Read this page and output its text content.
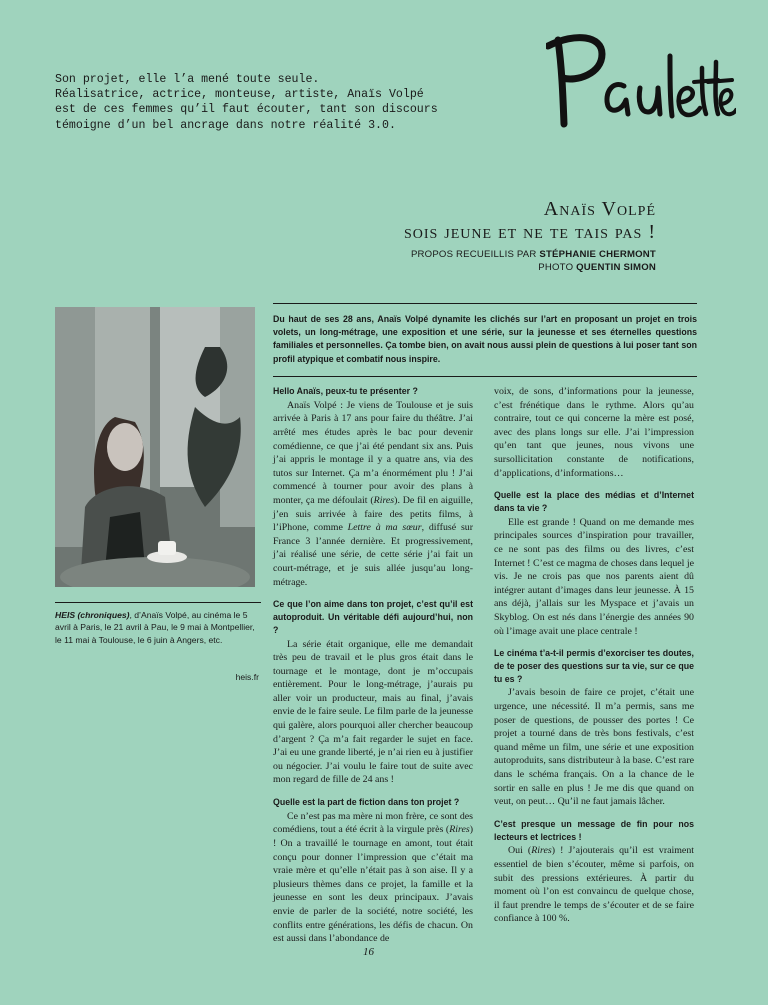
Son projet, elle l’a mené toute seule.

Réalisatrice, actrice, monteuse, artiste, Anaïs Volpé

est de ces femmes qu’il faut écouter, tant son discours

témoigne d’un bel ancrage dans notre réalité 3.0.

Anaïs Volpé
sois jeune et ne te tais pas !
PROPOS RECUEILLIS PAR STÉPHANIE CHERMONT
PHOTO QUENTIN SIMON
HEIS (chroniques), d’Anaïs Volpé, au cinéma le 5 avril à Paris, le 21 avril à Pau, le 9 mai à Montpellier, le 11 mai à Toulouse, le 6 juin à Angers, etc.
heis.fr
Du haut de ses 28 ans, Anaïs Volpé dynamite les clichés sur l’art en proposant un projet en trois volets, un long-métrage, une exposition et une série, sur la jeunesse et ses éternelles questions familiales et personnelles. Ça tombe bien, on avait nous aussi plein de questions à lui poser tant son profil atypique et combatif nous inspire.

Hello Anaïs, peux-tu te présenter ?

Anaïs Volpé : Je viens de Toulouse et je suis arrivée à Paris à 17 ans pour faire du théâtre. J’ai arrêté mes études après le bac pour devenir comédienne, ce que j’ai été pendant six ans. Puis j’ai appris le montage il y a quatre ans, via des tutos sur Internet. Ça m’a énormément plu ! J’ai commencé à tourner pour avoir des plans à monter, ça me défoulait (Rires). De fil en aiguille, j’en suis arrivée à faire des petits films, à l’iPhone, comme Lettre à ma sœur, diffusé sur France 3 l’année dernière. Et progressivement, j’ai réalisé une série, de cette série j’ai fait un court-métrage, et je suis allée jusqu’au long-métrage.

Ce que l’on aime dans ton projet, c’est qu’il est autoproduit. Un véritable défi aujourd’hui, non ?

La série était organique, elle me demandait très peu de travail et le plus gros était dans le tournage et le montage, dont je m’occupais entièrement. Pour le long-métrage, j’aurais pu aller voir un producteur, mais au final, j’avais envie de le faire seule. Le film parle de la jeunesse qui galère, alors pourquoi aller chercher beaucoup d’argent ? Ça m’a fait regarder le sujet en face. J’ai eu une grande liberté, je n’ai rien eu à justifier ou négocier. J’ai voulu le faire tout de suite avec mon regard de fille de 24 ans !

Quelle est la part de fiction dans ton projet ?

Ce n’est pas ma mère ni mon frère, ce sont des comédiens, tout a été écrit à la virgule près (Rires) ! On a travaillé le tournage en amont, tout était conçu pour donner l’impression que c’était ma vraie mère et qu’elle n’était pas à son aise. Il y a plusieurs thèmes dans ce projet, la famille et la jeunesse en sont les deux principaux. J’avais envie de parler de la société, notre société, les conflits entre générations, les défis de chacun. On est aussi dans l’abondance de

voix, de sons, d’informations pour la jeunesse, c’est frénétique dans le rythme. Alors qu’au contraire, tout ce qui concerne la mère est posé, avec des plans longs sur elle. J’ai l’impression qu’en tant que jeunes, nous vivons une sursollicitation constante de notifications, d’applications, d’informations…

Quelle est la place des médias et d’Internet dans ta vie ?

Elle est grande ! Quand on me demande mes principales sources d’inspiration pour travailler, ce ne sont pas des films ou des livres, c’est Internet ! C’est ce magma de choses dans lequel je vis. Je ne crois pas que nos parents aient dû intégrer autant d’images dans leur jeunesse. À 15 ans déjà, j’allais sur les Myspace et j’avais un Skyblog. On est nés dans l’énergie des années 90 où l’image avait une place centrale !

Le cinéma t’a-t-il permis d’exorciser tes doutes, de te poser des questions sur ta vie, sur ce que tu es ?

J’avais besoin de faire ce projet, c’était une urgence, une nécessité. Il m’a permis, sans me poser de questions, de pousser des portes ! Ce projet a tourné dans de très bons festivals, c’est quand même un film, une série et une exposition autoproduits, sans distributeur à la base. C’est rare dans le schéma français. On a la chance de le sortir en salle en plus ! Je me dis que quand on veut, on peut… Qu’il ne faut jamais lâcher.

C’est presque un message de fin pour nos lecteurs et lectrices !

Oui (Rires) ! J’ajouterais qu’il est vraiment essentiel de bien s’écouter, même si parfois, on subit des pressions extérieures. À partir du moment où l’on est convaincu de quelque chose, il faut prendre le temps de s’écouter et de se faire confiance à 100 %.

16
